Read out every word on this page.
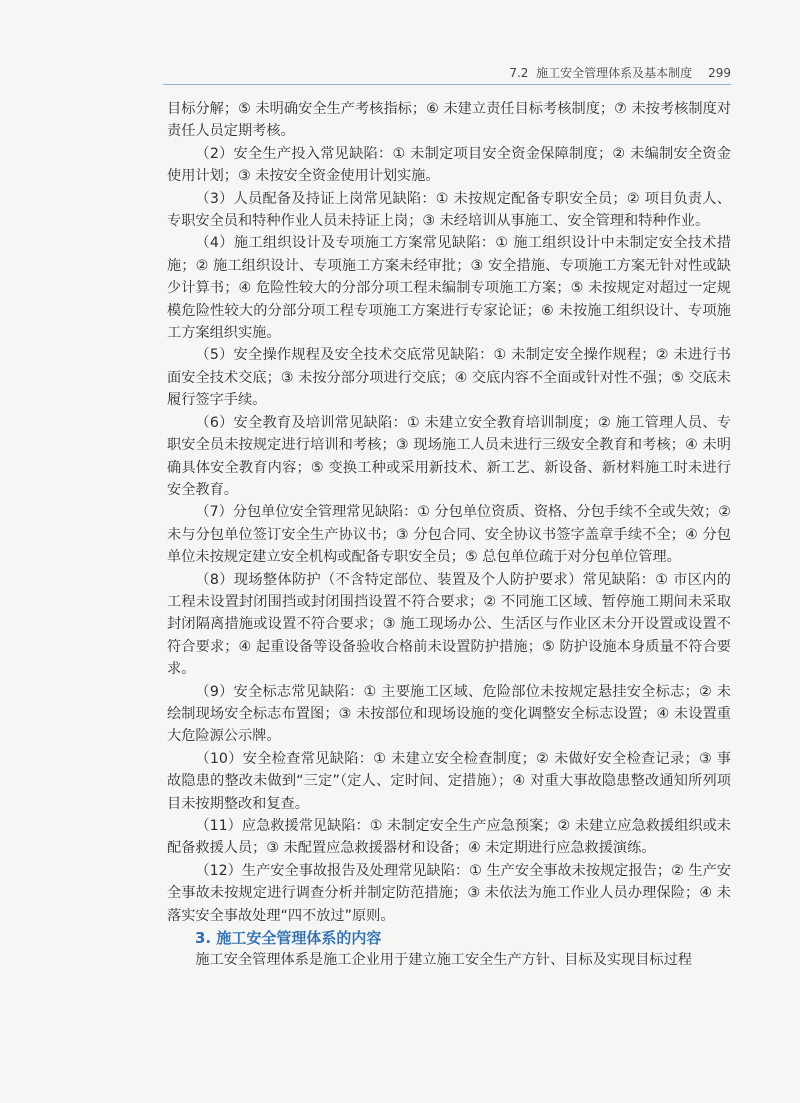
7.2 施工安全管理体系及基本制度 299

目标分解；⑤ 未明确安全生产考核指标；⑥ 未建立责任目标考核制度；⑦ 未按考核制度对责任人员定期考核。

（2）安全生产投入常见缺陷：① 未制定项目安全资金保障制度；② 未编制安全资金使用计划；③ 未按安全资金使用计划实施。

（3）人员配备及持证上岗常见缺陷：① 未按规定配备专职安全员；② 项目负责人、专职安全员和特种作业人员未持证上岗；③ 未经培训从事施工、安全管理和特种作业。

（4）施工组织设计及专项施工方案常见缺陷：① 施工组织设计中未制定安全技术措施；② 施工组织设计、专项施工方案未经审批；③ 安全措施、专项施工方案无针对性或缺少计算书；④ 危险性较大的分部分项工程未编制专项施工方案；⑤ 未按规定对超过一定规模危险性较大的分部分项工程专项施工方案进行专家论证；⑥ 未按施工组织设计、专项施工方案组织实施。

（5）安全操作规程及安全技术交底常见缺陷：① 未制定安全操作规程；② 未进行书面安全技术交底；③ 未按分部分项进行交底；④ 交底内容不全面或针对性不强；⑤ 交底未履行签字手续。

（6）安全教育及培训常见缺陷：① 未建立安全教育培训制度；② 施工管理人员、专职安全员未按规定进行培训和考核；③ 现场施工人员未进行三级安全教育和考核；④ 未明确具体安全教育内容；⑤ 变换工种或采用新技术、新工艺、新设备、新材料施工时未进行安全教育。

（7）分包单位安全管理常见缺陷：① 分包单位资质、资格、分包手续不全或失效；② 未与分包单位签订安全生产协议书；③ 分包合同、安全协议书签字盖章手续不全；④ 分包单位未按规定建立安全机构或配备专职安全员；⑤ 总包单位疏于对分包单位管理。

（8）现场整体防护（不含特定部位、装置及个人防护要求）常见缺陷：① 市区内的工程未设置封闭围挡或封闭围挡设置不符合要求；② 不同施工区域、暂停施工期间未采取封闭隔离措施或设置不符合要求；③ 施工现场办公、生活区与作业区未分开设置或设置不符合要求；④ 起重设备等设备验收合格前未设置防护措施；⑤ 防护设施本身质量不符合要求。

（9）安全标志常见缺陷：① 主要施工区域、危险部位未按规定悬挂安全标志；② 未绘制现场安全标志布置图；③ 未按部位和现场设施的变化调整安全标志设置；④ 未设置重大危险源公示牌。

（10）安全检查常见缺陷：① 未建立安全检查制度；② 未做好安全检查记录；③ 事故隐患的整改未做到“三定”（定人、定时间、定措施）；④ 对重大事故隐患整改通知所列项目未按期整改和复查。

（11）应急救援常见缺陷：① 未制定安全生产应急预案；② 未建立应急救援组织或未配备救援人员；③ 未配置应急救援器材和设备；④ 未定期进行应急救援演练。

（12）生产安全事故报告及处理常见缺陷：① 生产安全事故未按规定报告；② 生产安全事故未按规定进行调查分析并制定防范措施；③ 未依法为施工作业人员办理保险；④ 未落实安全事故处理“四不放过”原则。

3. 施工安全管理体系的内容

施工安全管理体系是施工企业用于建立施工安全生产方针、目标及实现目标过程
